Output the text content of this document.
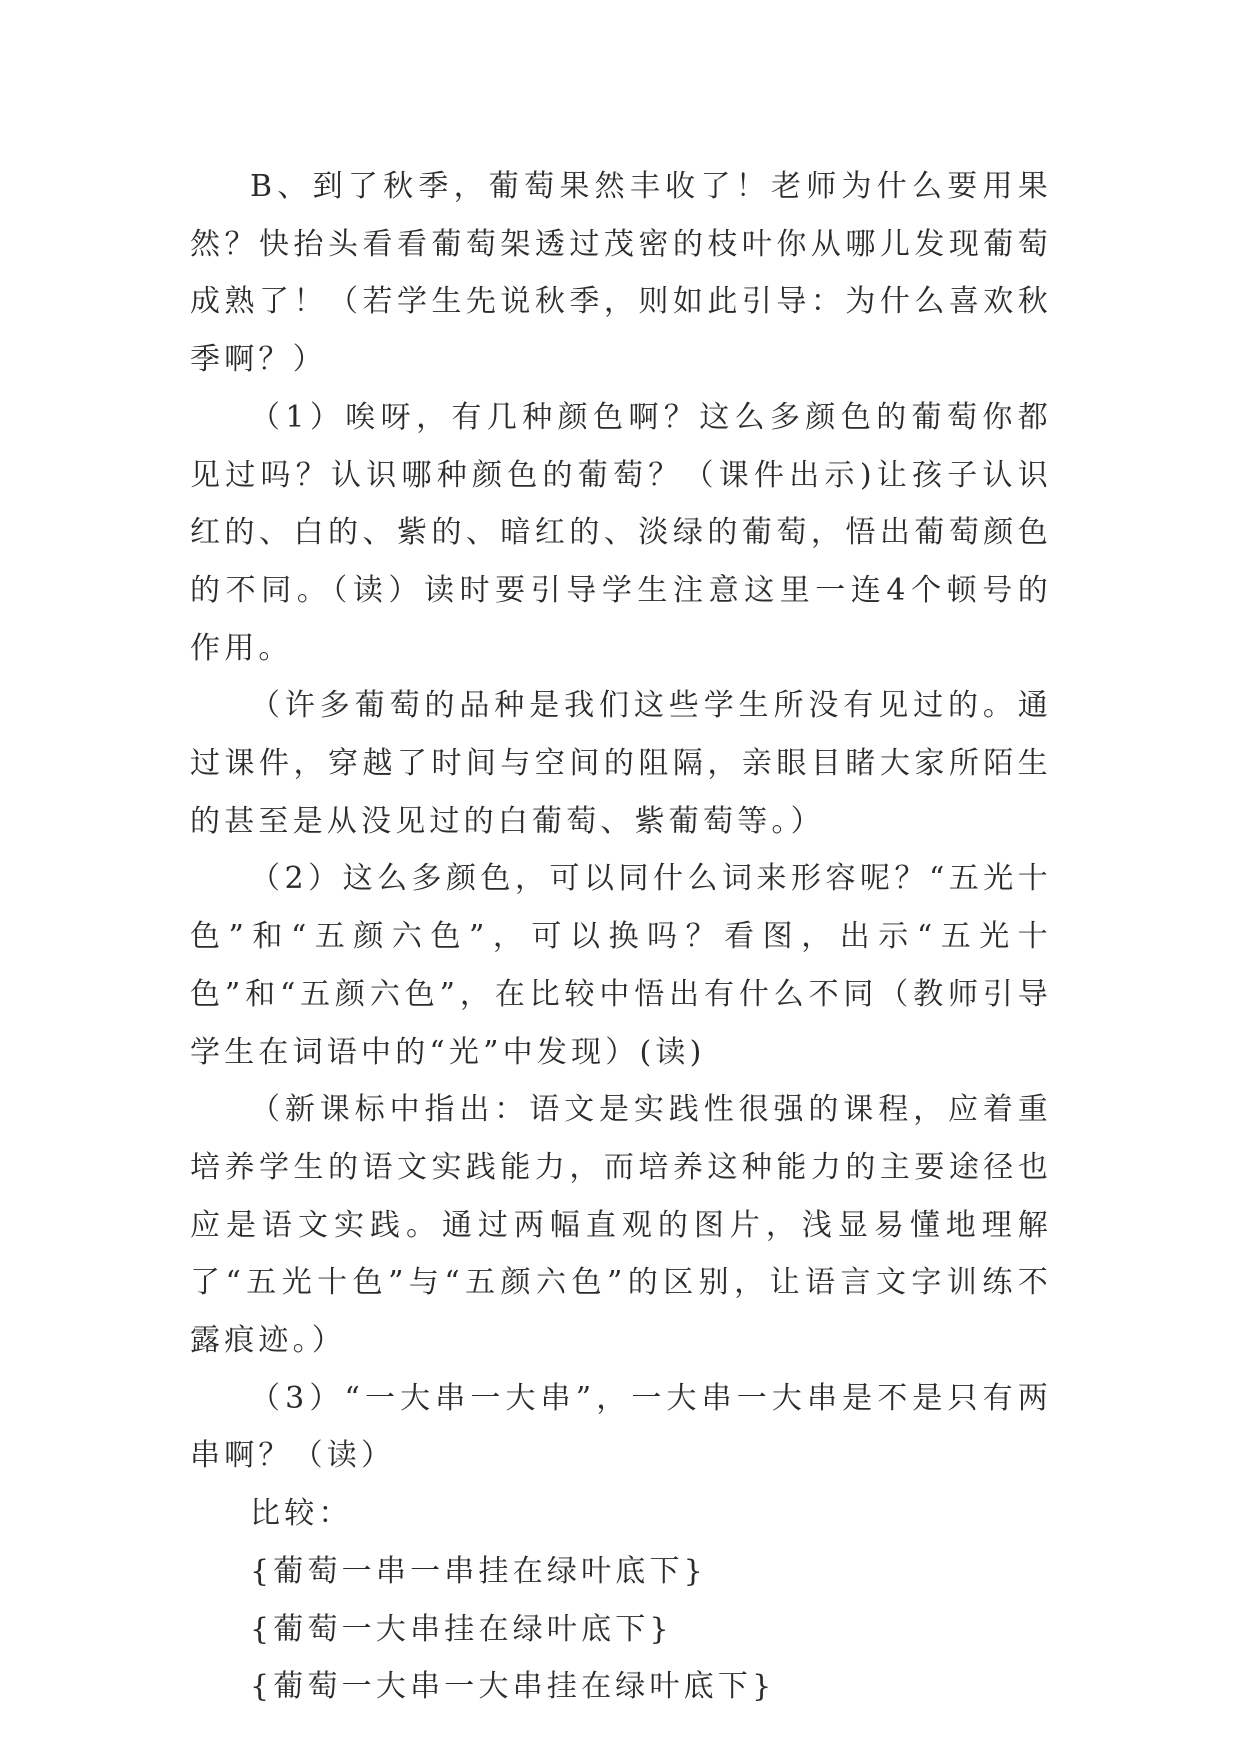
B、到了秋季，葡萄果然丰收了！老师为什么要用果然？快抬头看看葡萄架透过茂密的枝叶你从哪儿发现葡萄成熟了！（若学生先说秋季，则如此引导：为什么喜欢秋季啊？）

（1）唉呀，有几种颜色啊？这么多颜色的葡萄你都见过吗？认识哪种颜色的葡萄？（课件出示)让孩子认识红的、白的、紫的、暗红的、淡绿的葡萄，悟出葡萄颜色的不同。（读）读时要引导学生注意这里一连4个顿号的作用。

（许多葡萄的品种是我们这些学生所没有见过的。通过课件，穿越了时间与空间的阻隔，亲眼目睹大家所陌生的甚至是从没见过的白葡萄、紫葡萄等。）

（2）这么多颜色，可以同什么词来形容呢？“五光十色”和“五颜六色”，可以换吗？看图，出示“五光十色”和“五颜六色”，在比较中悟出有什么不同（教师引导学生在词语中的“光”中发现）(读)

（新课标中指出：语文是实践性很强的课程，应着重培养学生的语文实践能力，而培养这种能力的主要途径也应是语文实践。通过两幅直观的图片，浅显易懂地理解了“五光十色”与“五颜六色”的区别，让语言文字训练不露痕迹。）

（3）“一大串一大串”，一大串一大串是不是只有两串啊？（读）

比较：

{葡萄一串一串挂在绿叶底下}

{葡萄一大串挂在绿叶底下}

{葡萄一大串一大串挂在绿叶底下}
